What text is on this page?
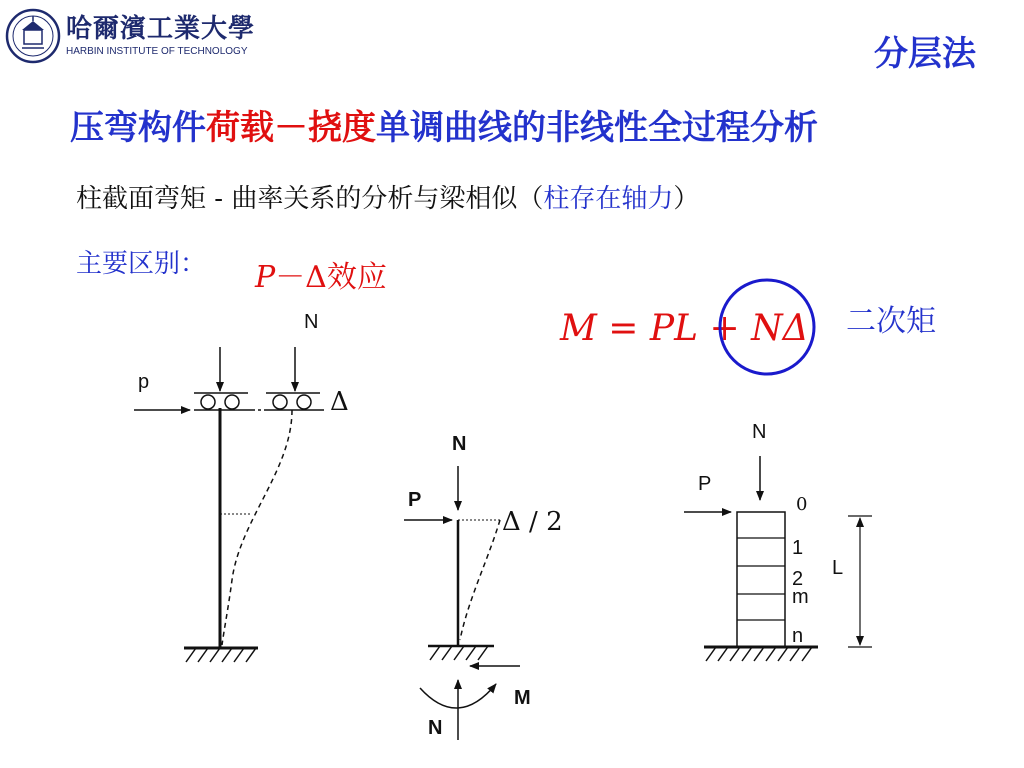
哈爾濱工業大學
HARBIN INSTITUTE OF TECHNOLOGY	分层法
压弯构件荷载－挠度单调曲线的非线性全过程分析
柱截面弯矩 - 曲率关系的分析与梁相似（柱存在轴力）
主要区别： P－Δ效应
M = PL + NΔ 二次矩
N
p
Δ
N
P
Δ / 2
M
N
N
P
0
1
2
m
n
L
